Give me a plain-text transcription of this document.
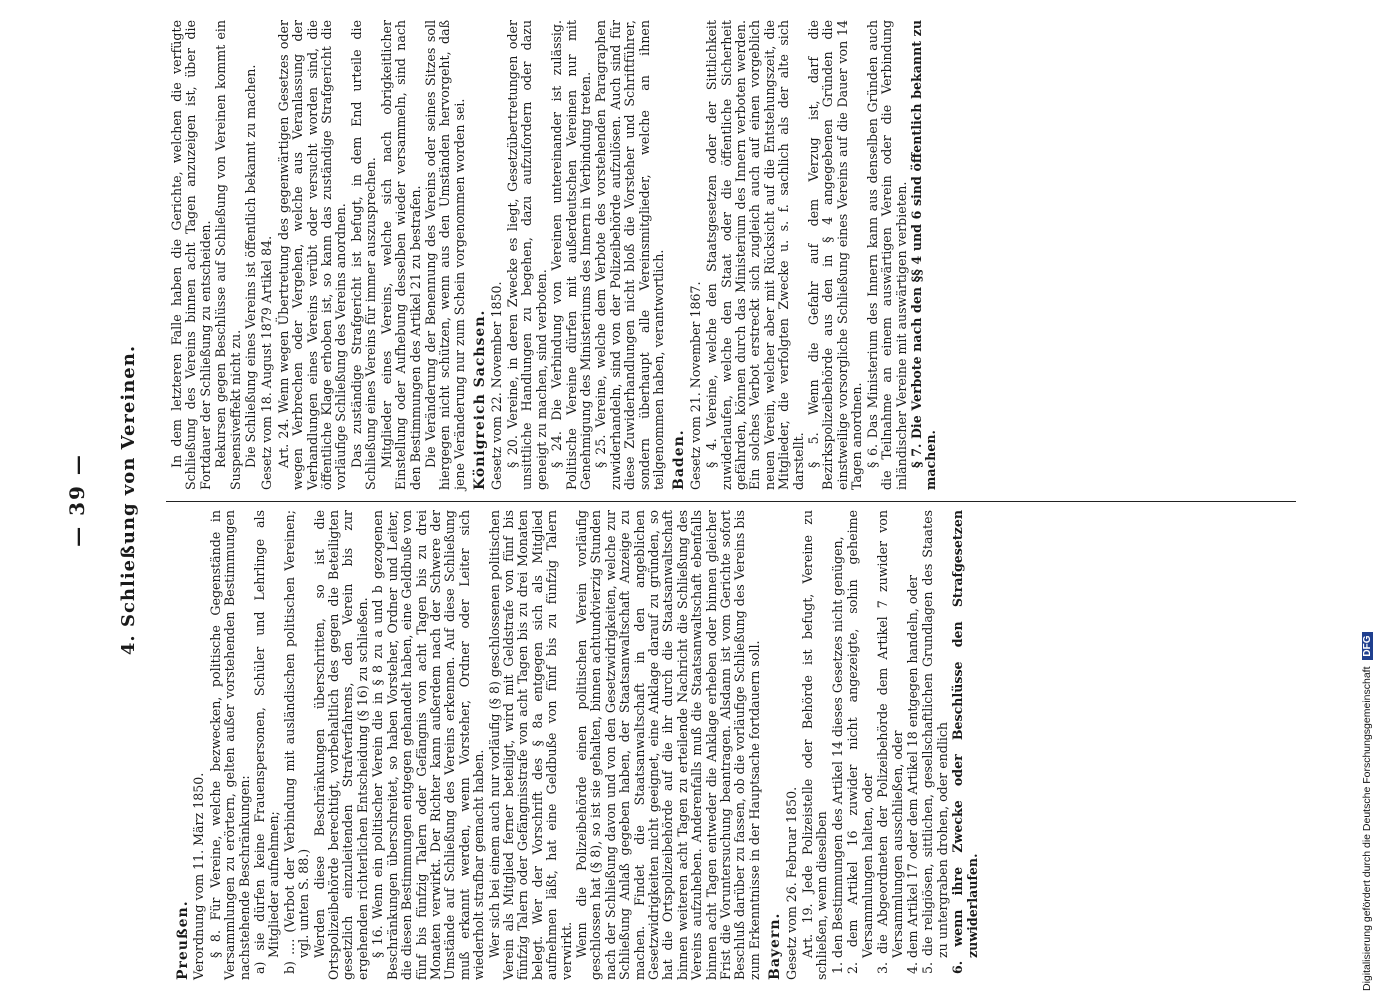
— 39 — 4. Schließung von Vereinen.

Preußen. Verordnung vom 11. März 1850. § 8. Für Vereine, welche bezwecken, politische Gegenstände in Versammlungen zu erörtern, gelten außer vorstehenden Bestimmungen nachstehende Beschränkungen: a) sie dürfen keine Frauenspersonen, Schüler und Lehrlinge als Mitglieder aufnehmen; b) .... (Verbot der Verbindung mit ausländischen politischen Vereinen; vgl. unten S. 88.) Werden diese Beschränkungen überschritten, so ist die Ortspolizeibehörde berechtigt, vorbehaltlich des gegen die Beteiligten gesetzlich einzuleitenden Strafverfahrens, den Verein bis zur ergehenden richterlichen Entscheidung (§ 16) zu schließen. § 16. Wenn ein politischer Verein die in § 8 zu a und b gezogenen Beschränkungen überschreitet, so haben Vorsteher, Ordner und Leiter, die diesen Bestimmungen entgegen gehandelt haben, eine Geldbuße von fünf bis fünfzig Talern oder Gefängnis von acht Tagen bis zu drei Monaten verwirkt. Der Richter kann außerdem nach der Schwere der Umstände auf Schließung des Vereins erkennen. Auf diese Schließung muß erkannt werden, wenn Vorsteher, Ordner oder Leiter sich wiederholt strafbar gemacht haben. Wer sich bei einem auch nur vorläufig (§ 8) geschlossenen politischen Verein als Mitglied ferner beteiligt, wird mit Geldstrafe von fünf bis fünfzig Talern oder Gefängnisstrafe von acht Tagen bis zu drei Monaten belegt. Wer der Vorschrift des § 8a entgegen sich als Mitglied aufnehmen läßt, hat eine Geldbuße von fünf bis zu fünfzig Talern verwirkt. Wenn die Polizeibehörde einen politischen Verein vorläufig geschlossen hat (§ 8), so ist sie gehalten, binnen achtundvierzig Stunden nach der Schließung davon und von den Gesetzwidrigkeiten, welche zur Schließung Anlaß gegeben haben, der Staatsanwaltschaft Anzeige zu machen. Findet die Staatsanwaltschaft in den angeblichen Gesetzwidrigkeiten nicht geeignet, eine Anklage darauf zu gründen, so hat die Ortspolizeibehörde auf die ihr durch die Staatsanwaltschaft binnen weiteren acht Tagen zu erteilende Nachricht die Schließung des Vereins aufzuheben. Anderenfalls muß die Staatsanwaltschaft ebenfalls binnen acht Tagen entweder die Anklage erheben oder binnen gleicher Frist die Voruntersuchung beantragen. Alsdann ist vom Gerichte sofort Beschluß darüber zu fassen, ob die vorläufige Schließung des Vereins bis zum Erkenntnisse in der Hauptsache fortdauern soll. Bayern. Gesetz vom 26. Februar 1850. Art. 19. Jede Polizeistelle oder Behörde ist befugt, Vereine zu schließen, wenn dieselben 1. den Bestimmungen des Artikel 14 dieses Gesetzes nicht genügen, 2. dem Artikel 16 zuwider nicht angezeigte, sohin geheime Versammlungen halten, oder 3. die Abgeordneten der Polizeibehörde dem Artikel 7 zuwider von Versammlungen ausschließen, oder 4. dem Artikel 17 oder dem Artikel 18 entgegen handeln, oder 5. die religiösen, sittlichen, gesellschaftlichen Grundlagen des Staates zu untergraben drohen, oder endlich 6. wenn ihre Zwecke oder Beschlüsse den Strafgesetzen zuwiderlaufen.

In dem letzteren Falle haben die Gerichte, welchen die verfügte Schließung des Vereins binnen acht Tagen anzuzeigen ist, über die Fortdauer der Schließung zu entscheiden. Rekursen gegen Beschlüsse auf Schließung von Vereinen kommt ein Suspensiveffekt nicht zu. Die Schließung eines Vereins ist öffentlich bekannt zu machen. Gesetz vom 18. August 1879 Artikel 84. Art. 24. Wenn wegen Übertretung des gegenwärtigen Gesetzes oder wegen Verbrechen oder Vergehen, welche aus Veranlassung der Verhandlungen eines Vereins verübt oder versucht worden sind, die öffentliche Klage erhoben ist, so kann das zuständige Strafgericht die vorläufige Schließung des Vereins anordnen. Das zuständige Strafgericht ist befugt, in dem End urteile die Schließung eines Vereins für immer auszusprechen. Mitglieder eines Vereins, welche sich nach obrigkeitlicher Einstellung oder Aufhebung desselben wieder versammeln, sind nach den Bestimmungen des Artikel 21 zu bestrafen. Die Veränderung der Benennung des Vereins oder seines Sitzes soll hiergegen nicht schützen, wenn aus den Umständen hervorgeht, daß jene Veränderung nur zum Schein vorgenommen worden sei. Königreich Sachsen. Gesetz vom 22. November 1850. § 20. Vereine, in deren Zwecke es liegt, Gesetzübertretungen oder unsittliche Handlungen zu begehen, dazu aufzufordern oder dazu geneigt zu machen, sind verboten. § 24. Die Verbindung von Vereinen untereinander ist zulässig. Politische Vereine dürfen mit außerdeutschen Vereinen nur mit Genehmigung des Ministeriums des Innern in Verbindung treten. § 25. Vereine, welche dem Verbote des vorstehenden Paragraphen zuwiderhandeln, sind von der Polizeibehörde aufzulösen. Auch sind für diese Zuwiderhandlungen nicht bloß die Vorsteher und Schriftführer, sondern überhaupt alle Vereinsmitglieder, welche an ihnen teilgenommen haben, verantwortlich. Baden. Gesetz vom 21. November 1867. § 4. Vereine, welche den Staatsgesetzen oder der Sittlichkeit zuwiderlaufen, welche den Staat oder die öffentliche Sicherheit gefährden, können durch das Ministerium des Innern verboten werden. Ein solches Verbot erstreckt sich zugleich auch auf einen vorgeblich neuen Verein, welcher aber mit Rücksicht auf die Entstehungszeit, die Mitglieder, die verfolgten Zwecke u. s. f. sachlich als der alte sich darstellt. § 5. Wenn die Gefahr auf dem Verzug ist, darf die Bezirkspolizeibehörde aus den in § 4 angegebenen Gründen die einstweilige vorsorgliche Schließung eines Vereins auf die Dauer von 14 Tagen anordnen. § 6. Das Ministerium des Innern kann aus denselben Gründen auch die Teilnahme an einem auswärtigen Verein oder die Verbindung inländischer Vereine mit auswärtigen verbieten. § 7. Die Verbote nach den §§ 4 und 6 sind öffentlich bekannt zu machen.

Digitalisierung gefördert durch die Deutsche Forschungsgemeinschaft DFG
